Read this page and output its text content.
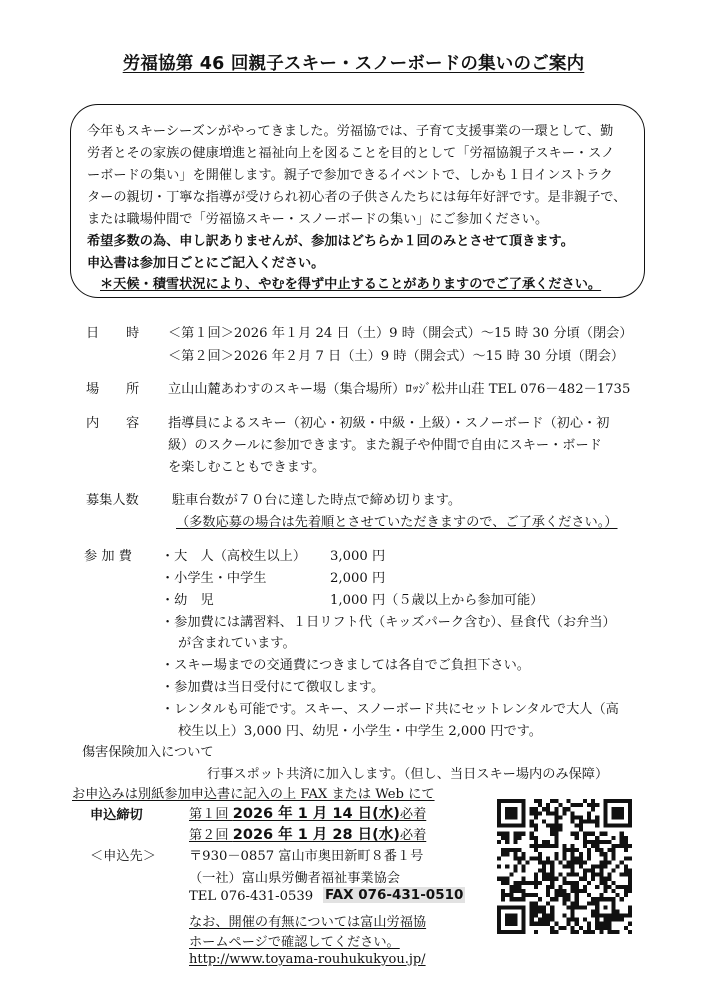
労福協第 46 回親子スキー・スノーボードの集いのご案内
今年もスキーシーズンがやってきました。労福協では、子育て支援事業の一環として、勤
労者とその家族の健康増進と福祉向上を図ることを目的として「労福協親子スキー・スノ
ーボードの集い」を開催します。親子で参加できるイベントで、しかも１日インストラク
ターの親切・丁寧な指導が受けられ初心者の子供さんたちには毎年好評です。是非親子で、
または職場仲間で「労福協スキー・スノーボードの集い」にご参加ください。
希望多数の為、申し訳ありませんが、参加はどちらか１回のみとさせて頂きます。
申込書は参加日ごとにご記入ください。
＊天候・積雪状況により、やむを得ず中止することがありますのでご了承ください。
日 時 ＜第１回＞2026 年１月 24 日（土）9 時（開会式）～15 時 30 分頃（閉会）
＜第２回＞2026 年２月 7 日（土）9 時（開会式）～15 時 30 分頃（閉会）
場 所 立山山麓あわすのスキー場（集合場所）ﾛｯｼﾞ松井山荘 TEL 076－482－1735
内 容 指導員によるスキー（初心・初級・中級・上級）・スノーボード（初心・初
級）のスクールに参加できます。また親子や仲間で自由にスキー・ボード
を楽しむこともできます。
募集人数	駐車台数が７０台に達した時点で締め切ります。
（多数応募の場合は先着順とさせていただきますので、ご了承ください。）
参 加 費 ・大　人（高校生以上） 3,000 円
・小学生・中学生	2,000 円
・幼　児	1,000 円（５歳以上から参加可能）
・参加費には講習料、１日リフト代（キッズパーク含む）、昼食代（お弁当）
が含まれています。
・スキー場までの交通費につきましては各自でご負担下さい。
・参加費は当日受付にて徴収します。
・レンタルも可能です。スキー、スノーボード共にセットレンタルで大人（高
校生以上）3,000 円、幼児・小学生・中学生 2,000 円です。
傷害保険加入について
行事スポット共済に加入します。（但し、当日スキー場内のみ保障）
お申込みは別紙参加申込書に記入の上 FAX または Web にて
申込締切	第１回 2026 年 1 月 14 日(水)必着
第２回 2026 年 1 月 28 日(水)必着
＜申込先＞	〒930－0857 富山市奥田新町８番１号
（一社）富山県労働者福祉事業協会
TEL 076-431-0539 FAX 076-431-0510
なお、開催の有無については富山労福協
ホームページで確認してください。
http://www.toyama-rouhukukyou.jp/
